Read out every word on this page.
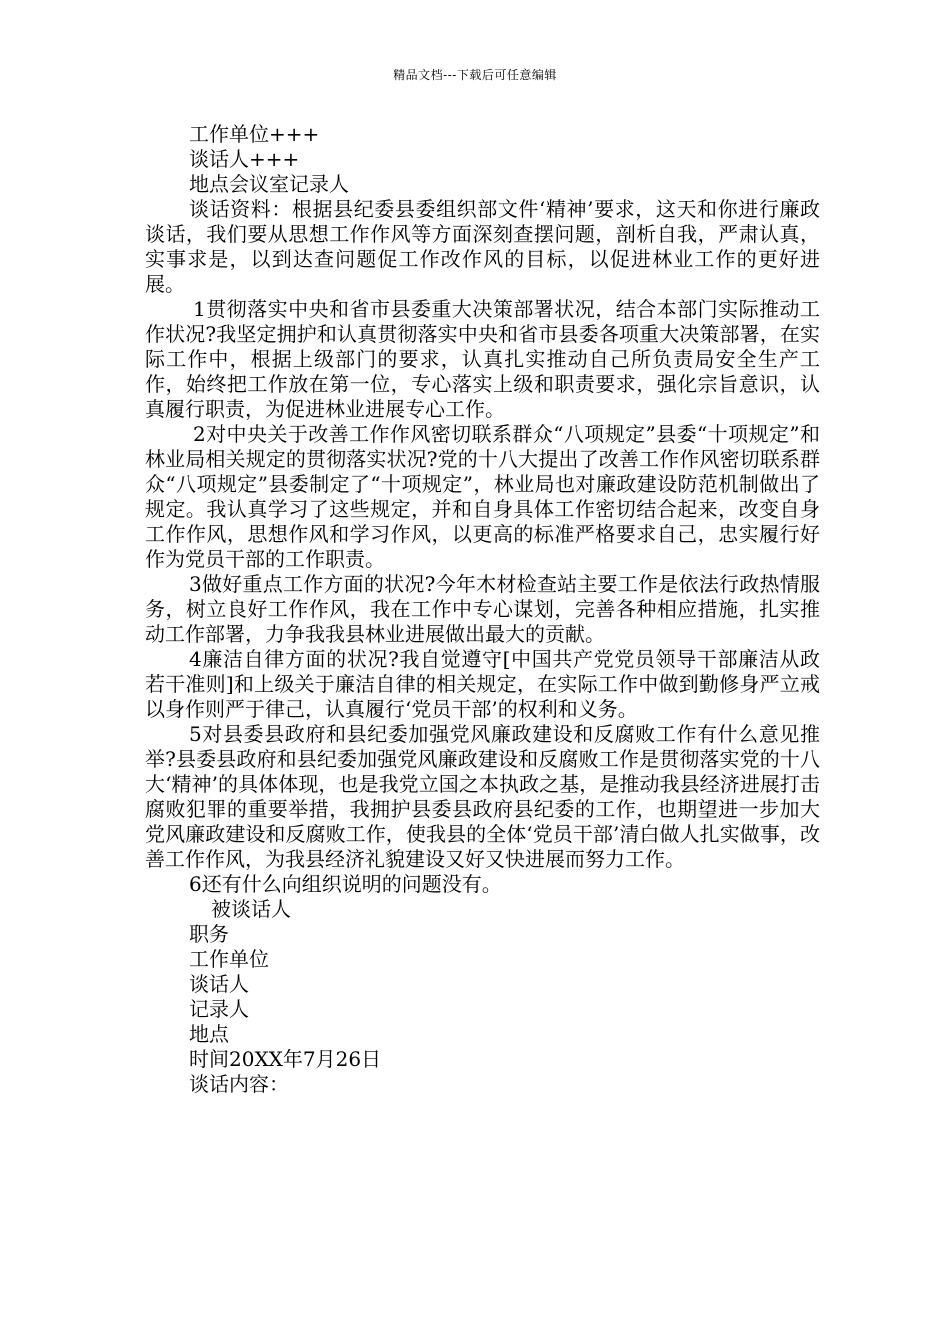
精品文档---下载后可任意编辑

工作单位+++

谈话人+++

地点会议室记录人

谈话资料：根据县纪委县委组织部文件‘精神’要求，这天和你进行廉政谈话，我们要从思想工作作风等方面深刻查摆问题，剖析自我，严肃认真，实事求是，以到达查问题促工作改作风的目标，以促进林业工作的更好进展。

1贯彻落实中央和省市县委重大决策部署状况，结合本部门实际推动工作状况?我坚定拥护和认真贯彻落实中央和省市县委各项重大决策部署，在实际工作中，根据上级部门的要求，认真扎实推动自己所负责局安全生产工作，始终把工作放在第一位，专心落实上级和职责要求，强化宗旨意识，认真履行职责，为促进林业进展专心工作。

2对中央关于改善工作作风密切联系群众“八项规定”县委“十项规定”和林业局相关规定的贯彻落实状况?党的十八大提出了改善工作作风密切联系群众“八项规定”县委制定了“十项规定”，林业局也对廉政建设防范机制做出了规定。我认真学习了这些规定，并和自身具体工作密切结合起来，改变自身工作作风，思想作风和学习作风，以更高的标准严格要求自己，忠实履行好作为党员干部的工作职责。

3做好重点工作方面的状况?今年木材检查站主要工作是依法行政热情服务，树立良好工作作风，我在工作中专心谋划，完善各种相应措施，扎实推动工作部署，力争我我县林业进展做出最大的贡献。

4廉洁自律方面的状况?我自觉遵守[中国共产党党员领导干部廉洁从政若干准则]和上级关于廉洁自律的相关规定，在实际工作中做到勤修身严立戒以身作则严于律己，认真履行‘党员干部’的权利和义务。

5对县委县政府和县纪委加强党风廉政建设和反腐败工作有什么意见推举?县委县政府和县纪委加强党风廉政建设和反腐败工作是贯彻落实党的十八大‘精神’的具体体现，也是我党立国之本执政之基，是推动我县经济进展打击腐败犯罪的重要举措，我拥护县委县政府县纪委的工作，也期望进一步加大党风廉政建设和反腐败工作，使我县的全体‘党员干部’清白做人扎实做事，改善工作作风，为我县经济礼貌建设又好又快进展而努力工作。

6还有什么向组织说明的问题没有。

被谈话人

职务

工作单位

谈话人

记录人

地点

时间20XX年7月26日

谈话内容：
